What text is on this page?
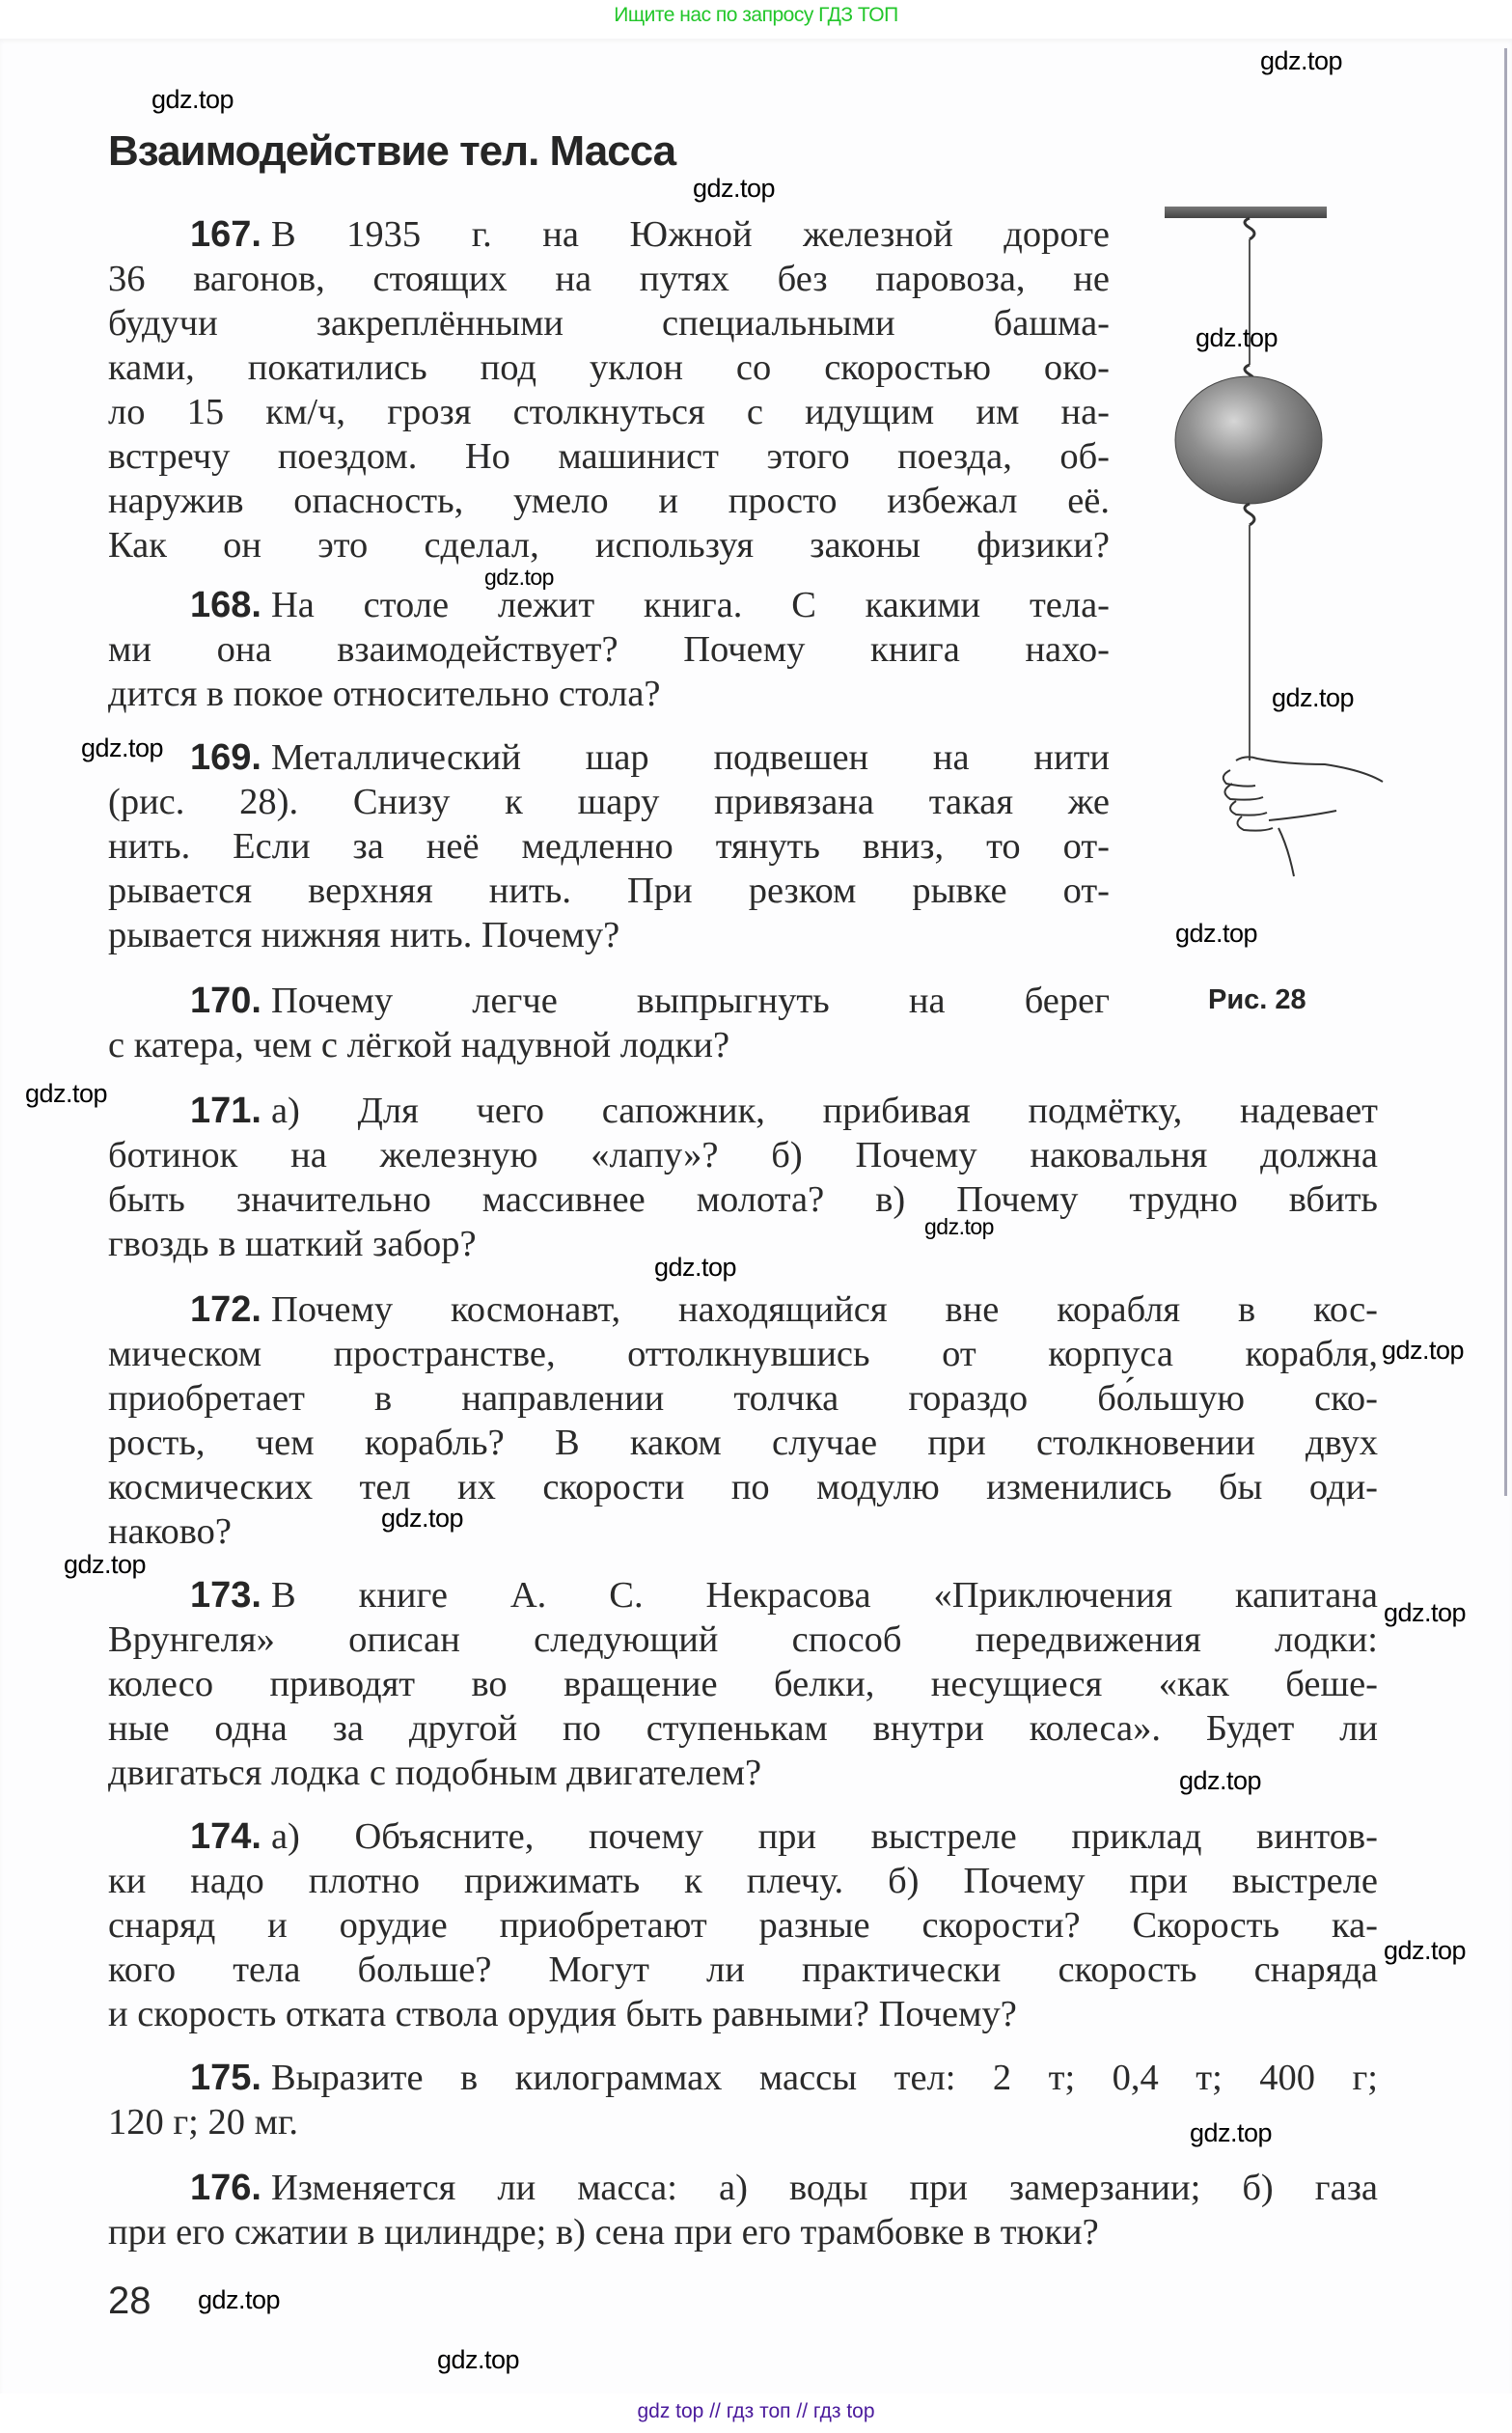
Ищите нас по запросу ГДЗ ТОП
Взаимодействие тел. Масса
Рис. 28
167. В 1935 г. на Южной железной дороге
36 вагонов, стоящих на путях без паровоза, не
будучи закреплёнными специальными башма-
ками, покатились под уклон со скоростью око-
ло 15 км/ч, грозя столкнуться с идущим им на-
встречу поездом. Но машинист этого поезда, об-
наружив опасность, умело и просто избежал её.
Как он это сделал, используя законы физики?
168. На столе лежит книга. С какими тела-
ми она взаимодействует? Почему книга нахо-
дится в покое относительно стола?
169. Металлический шар подвешен на нити
(рис. 28). Снизу к шару привязана такая же
нить. Если за неё медленно тянуть вниз, то от-
рывается верхняя нить. При резком рывке от-
рывается нижняя нить. Почему?
170. Почему легче выпрыгнуть на берег
с катера, чем с лёгкой надувной лодки?
171. а) Для чего сапожник, прибивая подмётку, надевает
ботинок на железную «лапу»? б) Почему наковальня должна
быть значительно массивнее молота? в) Почему трудно вбить
гвоздь в шаткий забор?
172. Почему космонавт, находящийся вне корабля в кос-
мическом пространстве, оттолкнувшись от корпуса корабля,
приобретает в направлении толчка гораздо бо́льшую ско-
рость, чем корабль? В каком случае при столкновении двух
космических тел их скорости по модулю изменились бы оди-
наково?
173. В книге А. С. Некрасова «Приключения капитана
Врунгеля» описан следующий способ передвижения лодки:
колесо приводят во вращение белки, несущиеся «как беше-
ные одна за другой по ступенькам внутри колеса». Будет ли
двигаться лодка с подобным двигателем?
174. а) Объясните, почему при выстреле приклад винтов-
ки надо плотно прижимать к плечу. б) Почему при выстреле
снаряд и орудие приобретают разные скорости? Скорость ка-
кого тела больше? Могут ли практически скорость снаряда
и скорость отката ствола орудия быть равными? Почему?
175. Выразите в килограммах массы тел: 2 т; 0,4 т; 400 г;
120 г; 20 мг.
176. Изменяется ли масса: а) воды при замерзании; б) газа
при его сжатии в цилиндре; в) сена при его трамбовке в тюки?
28
gdz.top
gdz.top
gdz.top
gdz.top
gdz.top
gdz.top
gdz.top
gdz.top
gdz.top
gdz.top
gdz.top
gdz.top
gdz.top
gdz.top
gdz.top
gdz.top
gdz.top
gdz.top
gdz.top
gdz.top
gdz top // гдз топ // гдз top
